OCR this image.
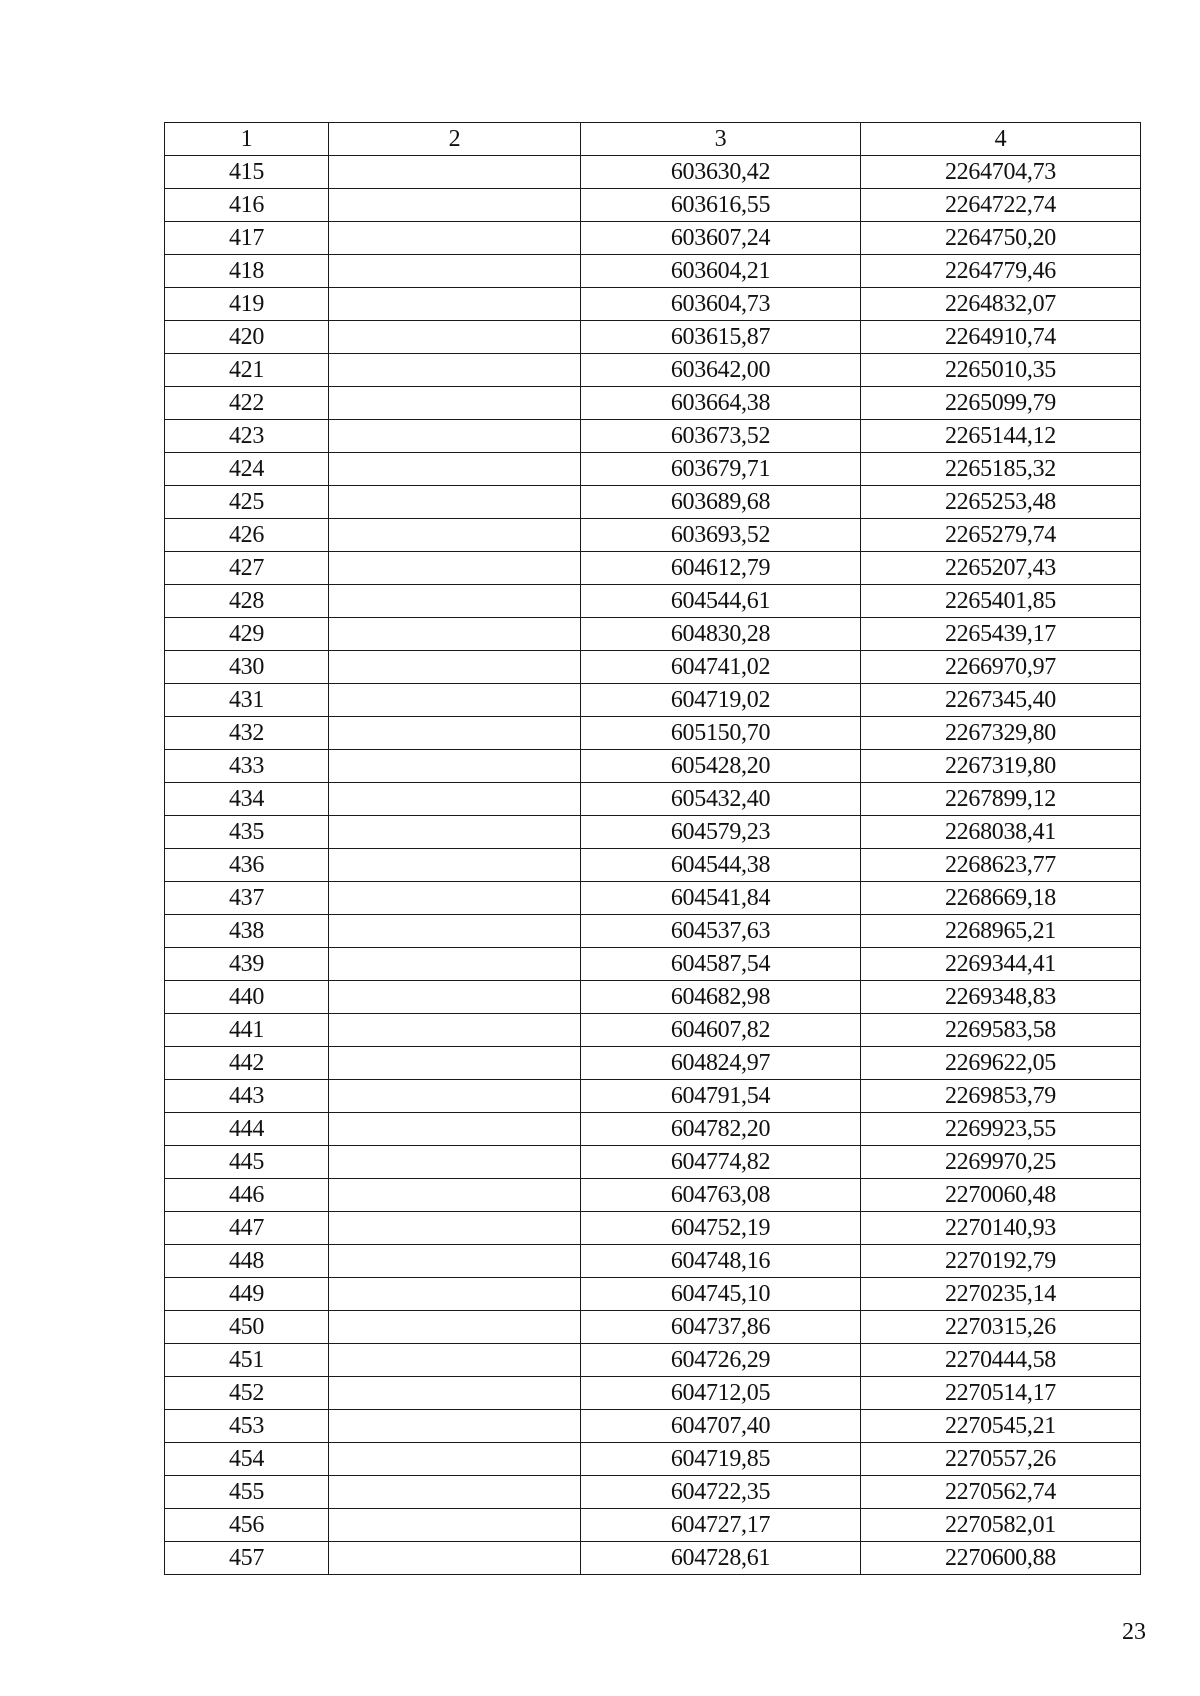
1	2	3	4
415		603630,42	2264704,73
416		603616,55	2264722,74
417		603607,24	2264750,20
418		603604,21	2264779,46
419		603604,73	2264832,07
420		603615,87	2264910,74
421		603642,00	2265010,35
422		603664,38	2265099,79
423		603673,52	2265144,12
424		603679,71	2265185,32
425		603689,68	2265253,48
426		603693,52	2265279,74
427		604612,79	2265207,43
428		604544,61	2265401,85
429		604830,28	2265439,17
430		604741,02	2266970,97
431		604719,02	2267345,40
432		605150,70	2267329,80
433		605428,20	2267319,80
434		605432,40	2267899,12
435		604579,23	2268038,41
436		604544,38	2268623,77
437		604541,84	2268669,18
438		604537,63	2268965,21
439		604587,54	2269344,41
440		604682,98	2269348,83
441		604607,82	2269583,58
442		604824,97	2269622,05
443		604791,54	2269853,79
444		604782,20	2269923,55
445		604774,82	2269970,25
446		604763,08	2270060,48
447		604752,19	2270140,93
448		604748,16	2270192,79
449		604745,10	2270235,14
450		604737,86	2270315,26
451		604726,29	2270444,58
452		604712,05	2270514,17
453		604707,40	2270545,21
454		604719,85	2270557,26
455		604722,35	2270562,74
456		604727,17	2270582,01
457		604728,61	2270600,88
23
